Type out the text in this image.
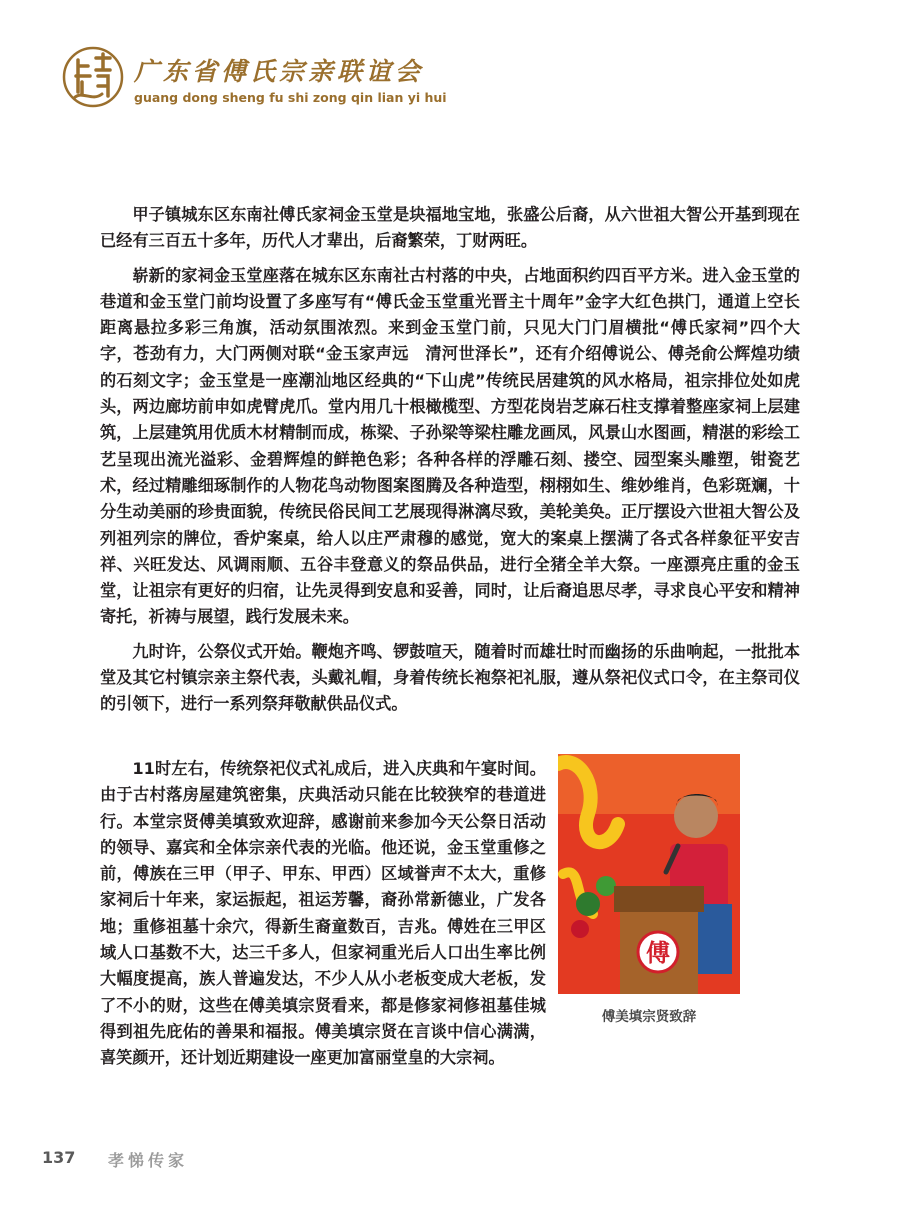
广东省傅氏宗亲联谊会
guang dong sheng fu shi zong qin lian yi hui

甲子镇城东区东南社傅氏家祠金玉堂是块福地宝地，张盛公后裔，从六世祖大智公开基到现在已经有三百五十多年，历代人才辈出，后裔繁荣，丁财两旺。

崭新的家祠金玉堂座落在城东区东南社古村落的中央，占地面积约四百平方米。进入金玉堂的巷道和金玉堂门前均设置了多座写有“傅氏金玉堂重光晋主十周年”金字大红色拱门，通道上空长距离悬拉多彩三角旗，活动氛围浓烈。来到金玉堂门前，只见大门门眉横批“傅氏家祠”四个大字，苍劲有力，大门两侧对联“金玉家声远　清河世泽长”，还有介绍傅说公、傅尧俞公辉煌功绩的石刻文字；金玉堂是一座潮汕地区经典的“下山虎”传统民居建筑的风水格局，祖宗排位处如虎头，两边廊坊前申如虎臂虎爪。堂内用几十根橄榄型、方型花岗岩芝麻石柱支撑着整座家祠上层建筑，上层建筑用优质木材精制而成，栋梁、子孙梁等梁柱雕龙画凤，风景山水图画，精湛的彩绘工艺呈现出流光溢彩、金碧辉煌的鲜艳色彩；各种各样的浮雕石刻、搂空、园型案头雕塑，钳瓷艺术，经过精雕细琢制作的人物花鸟动物图案图腾及各种造型，栩栩如生、维妙维肖，色彩斑斓，十分生动美丽的珍贵面貌，传统民俗民间工艺展现得淋漓尽致，美轮美奂。正厅摆设六世祖大智公及列祖列宗的牌位，香炉案桌，给人以庄严肃穆的感觉，宽大的案桌上摆满了各式各样象征平安吉祥、兴旺发达、风调雨顺、五谷丰登意义的祭品供品，进行全猪全羊大祭。一座漂亮庄重的金玉堂，让祖宗有更好的归宿，让先灵得到安息和妥善，同时，让后裔追思尽孝，寻求良心平安和精神寄托，祈祷与展望，践行发展未来。

九时许，公祭仪式开始。鞭炮齐鸣、锣鼓喧天，随着时而雄壮时而幽扬的乐曲响起，一批批本堂及其它村镇宗亲主祭代表，头戴礼帽，身着传统长袍祭祀礼服，遵从祭祀仪式口令，在主祭司仪的引领下，进行一系列祭拜敬献供品仪式。

11时左右，传统祭祀仪式礼成后，进入庆典和午宴时间。由于古村落房屋建筑密集，庆典活动只能在比较狭窄的巷道进行。本堂宗贤傅美填致欢迎辞，感谢前来参加今天公祭日活动的领导、嘉宾和全体宗亲代表的光临。他还说，金玉堂重修之前，傅族在三甲（甲子、甲东、甲西）区域誉声不太大，重修家祠后十年来，家运振起，祖运芳馨，裔孙常新德业，广发各地；重修祖墓十余穴，得新生裔童数百，吉兆。傅姓在三甲区域人口基数不大，达三千多人，但家祠重光后人口出生率比例大幅度提高，族人普遍发达，不少人从小老板变成大老板，发了不小的财，这些在傅美填宗贤看来，都是修家祠修祖墓佳城得到祖先庇佑的善果和福报。傅美填宗贤在言谈中信心满满，喜笑颜开，还计划近期建设一座更加富丽堂皇的大宗祠。

傅
傅美填宗贤致辞
137 孝悌传家
